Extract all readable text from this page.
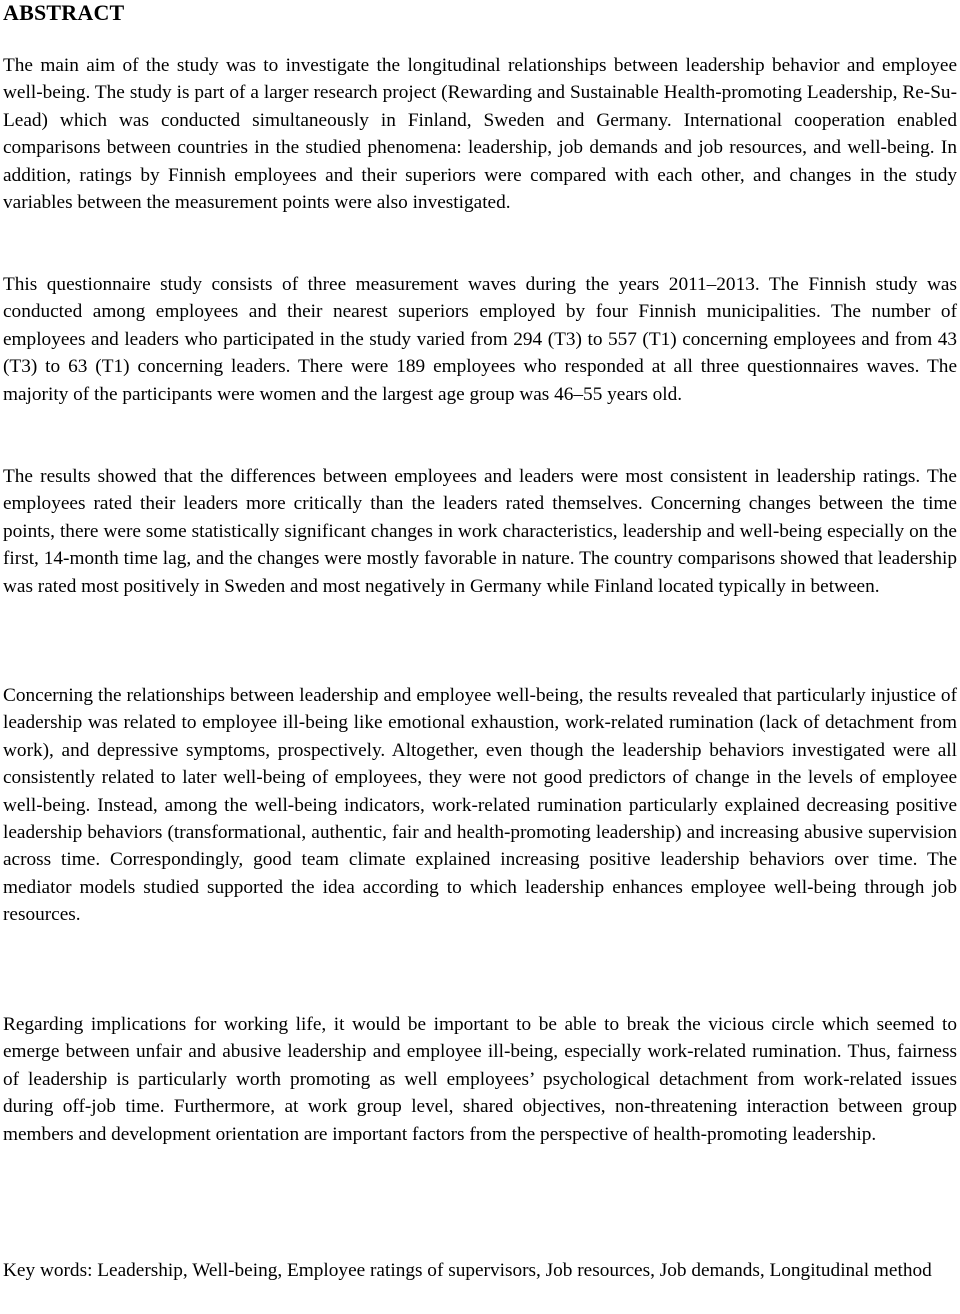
ABSTRACT

The main aim of the study was to investigate the longitudinal relationships between leadership behavior and employee well-being. The study is part of a larger research project (Rewarding and Sustainable Health-promoting Leadership, Re-Su-Lead) which was conducted simultaneously in Finland, Sweden and Germany. International cooperation enabled comparisons between countries in the studied phenomena: leadership, job demands and job resources, and well-being. In addition, ratings by Finnish employees and their superiors were compared with each other, and changes in the study variables between the measurement points were also investigated.

This questionnaire study consists of three measurement waves during the years 2011–2013. The Finnish study was conducted among employees and their nearest superiors employed by four Finnish municipalities. The number of employees and leaders who participated in the study varied from 294 (T3) to 557 (T1) concerning employees and from 43 (T3) to 63 (T1) concerning leaders. There were 189 employees who responded at all three questionnaires waves. The majority of the participants were women and the largest age group was 46–55 years old.

The results showed that the differences between employees and leaders were most consistent in leadership ratings. The employees rated their leaders more critically than the leaders rated themselves. Concerning changes between the time points, there were some statistically significant changes in work characteristics, leadership and well-being especially on the first, 14-month time lag, and the changes were mostly favorable in nature. The country comparisons showed that leadership was rated most positively in Sweden and most negatively in Germany while Finland located typically in between.

Concerning the relationships between leadership and employee well-being, the results revealed that particularly injustice of leadership was related to employee ill-being like emotional exhaustion, work-related rumination (lack of detachment from work), and depressive symptoms, prospectively. Altogether, even though the leadership behaviors investigated were all consistently related to later well-being of employees, they were not good predictors of change in the levels of employee well-being. Instead, among the well-being indicators, work-related rumination particularly explained decreasing positive leadership behaviors (transformational, authentic, fair and health-promoting leadership) and increasing abusive supervision across time. Correspondingly, good team climate explained increasing positive leadership behaviors over time. The mediator models studied supported the idea according to which leadership enhances employee well-being through job resources.

Regarding implications for working life, it would be important to be able to break the vicious circle which seemed to emerge between unfair and abusive leadership and employee ill-being, especially work-related rumination. Thus, fairness of leadership is particularly worth promoting as well employees’ psychological detachment from work-related issues during off-job time. Furthermore, at work group level, shared objectives, non-threatening interaction between group members and development orientation are important factors from the perspective of health-promoting leadership.

Key words: Leadership, Well-being, Employee ratings of supervisors, Job resources, Job demands, Longitudinal method
